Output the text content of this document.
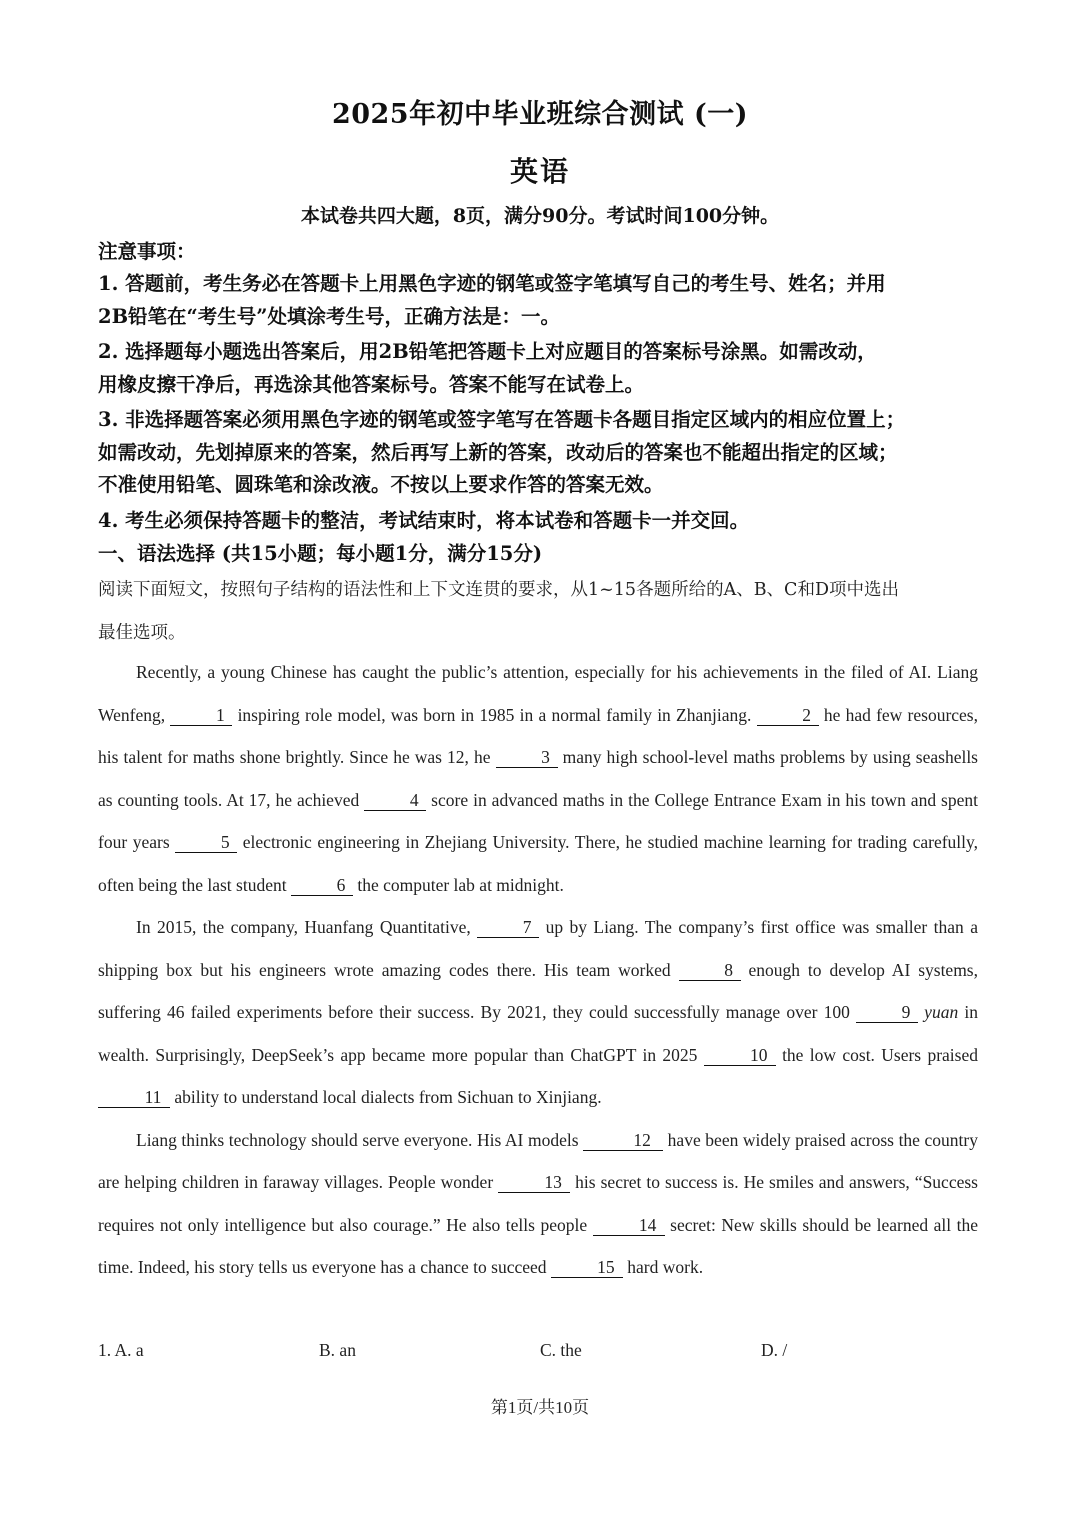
2025年初中毕业班综合测试 (一)
英语
本试卷共四大题，8页，满分90分。考试时间100分钟。
注意事项：
1. 答题前，考生务必在答题卡上用黑色字迹的钢笔或签字笔填写自己的考生号、姓名；并用
2B铅笔在“考生号”处填涂考生号，正确方法是：一。
2. 选择题每小题选出答案后，用2B铅笔把答题卡上对应题目的答案标号涂黑。如需改动，
用橡皮擦干净后，再选涂其他答案标号。答案不能写在试卷上。
3. 非选择题答案必须用黑色字迹的钢笔或签字笔写在答题卡各题目指定区域内的相应位置上；
如需改动，先划掉原来的答案，然后再写上新的答案，改动后的答案也不能超出指定的区域；
不准使用铅笔、圆珠笔和涂改液。不按以上要求作答的答案无效。
4. 考生必须保持答题卡的整洁，考试结束时，将本试卷和答题卡一并交回。
一、语法选择 (共15小题；每小题1分，满分15分)
阅读下面短文，按照句子结构的语法性和上下文连贯的要求，从1~15各题所给的A、B、C和D项中选出
最佳选项。

Recently, a young Chinese has caught the public’s attention, especially for his achievements in the filed of AI. Liang Wenfeng,	1 inspiring role model, was born in 1985 in a normal family in Zhanjiang.	2 he had few resources, his talent for maths shone brightly. Since he was 12, he	3 many high school-level maths problems by using seashells as counting tools. At 17, he achieved	4 score in advanced maths in the College Entrance Exam in his town and spent four years	5 electronic engineering in Zhejiang University. There, he studied machine learning for trading carefully, often being the last student	6 the computer lab at midnight.

In 2015, the company, Huanfang Quantitative,	7 up by Liang. The company’s first office was smaller than a shipping box but his engineers wrote amazing codes there. His team worked	8 enough to develop AI systems, suffering 46 failed experiments before their success. By 2021, they could successfully manage over 100	9 yuan in wealth. Surprisingly, DeepSeek’s app became more popular than ChatGPT in 2025	10 the low cost. Users praised 11 ability to understand local dialects from Sichuan to Xinjiang.

Liang thinks technology should serve everyone. His AI models	12 have been widely praised across the country are helping children in faraway villages. People wonder	13 his secret to success is. He smiles and answers, “Success requires not only intelligence but also courage.” He also tells people	14 secret: New skills should be learned all the time. Indeed, his story tells us everyone has a chance to succeed	15 hard work.

1. A. a	B. an	C. the	D. /
第1页/共10页
